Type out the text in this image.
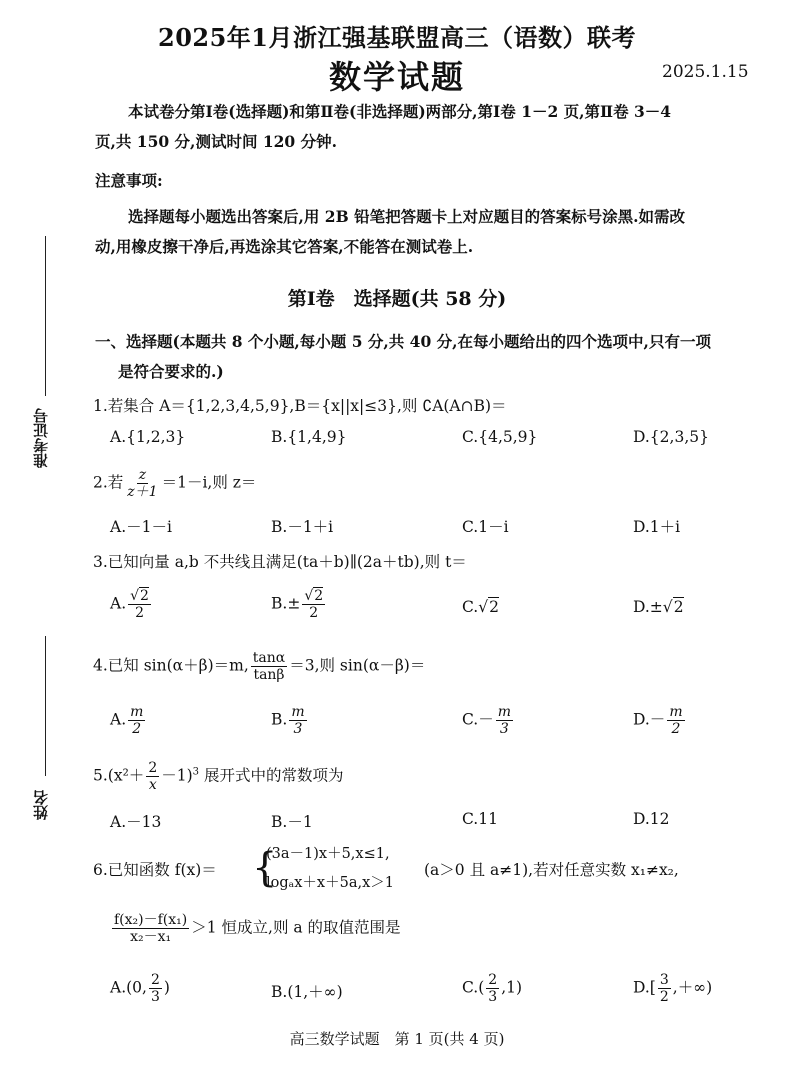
2025年1月浙江强基联盟高三（语数）联考
数学试题	2025.1.15
本试卷分第Ⅰ卷(选择题)和第Ⅱ卷(非选择题)两部分,第Ⅰ卷 1－2 页,第Ⅱ卷 3－4
页,共 150 分,测试时间 120 分钟.
注意事项:
选择题每小题选出答案后,用 2B 铅笔把答题卡上对应题目的答案标号涂黑.如需改
动,用橡皮擦干净后,再选涂其它答案,不能答在测试卷上.
第Ⅰ卷　选择题(共 58 分)
一、选择题(本题共 8 个小题,每小题 5 分,共 40 分,在每小题给出的四个选项中,只有一项
是符合要求的.)
准考证号
姓名
1.若集合 A＝{1,2,3,4,5,9},B＝{x||x|≤3},则 ∁A(A∩B)＝
A.{1,2,3}	B.{1,4,9}	C.{4,5,9}	D.{2,3,5}
2.若 $\frac{z}{z+1} =1-i$,则 z＝
A.－1－i	B.－1＋i	C.1－i	D.1＋i
3.已知向量 a,b 不共线且满足(ta＋b)∥(2a＋tb),则 t＝
A. $\frac{√2}{2}$	$B.\pm \frac{√2}{2}$	C.√2	D.±√2
4.已知 sin(α＋β)＝m, $\frac{\tan\alpha}{\tan\beta} =3$,则 sin(α－β)＝
A. $\frac{m}{2}$	B. $\frac{m}{3}$	$C.- \frac{m}{3}$	$D.- \frac{m}{2}$
$5.(x^2+ \frac{2}{x} -1)^3$ 展开式中的常数项为
A.－13	B.－1	C.11	D.12
6.已知函数 f(x)＝ {
(3a－1)x＋5,x≤1,
logₐx＋x＋5a,x＞1
(a＞0 且 a≠1),若对任意实数 x₁≠x₂,
$\frac{\text{f(x₂)－f(x₁)}}{\text{x₂－x₁}} >1$ 恒成立,则 a 的取值范围是
A.(0, $\frac{2}{3}$ )	B.(1,＋∞)	$C.( \frac{2}{3} ,1)$	$D.[ \frac{3}{2}$ ,＋∞)
高三数学试题　第 1 页(共 4 页)
